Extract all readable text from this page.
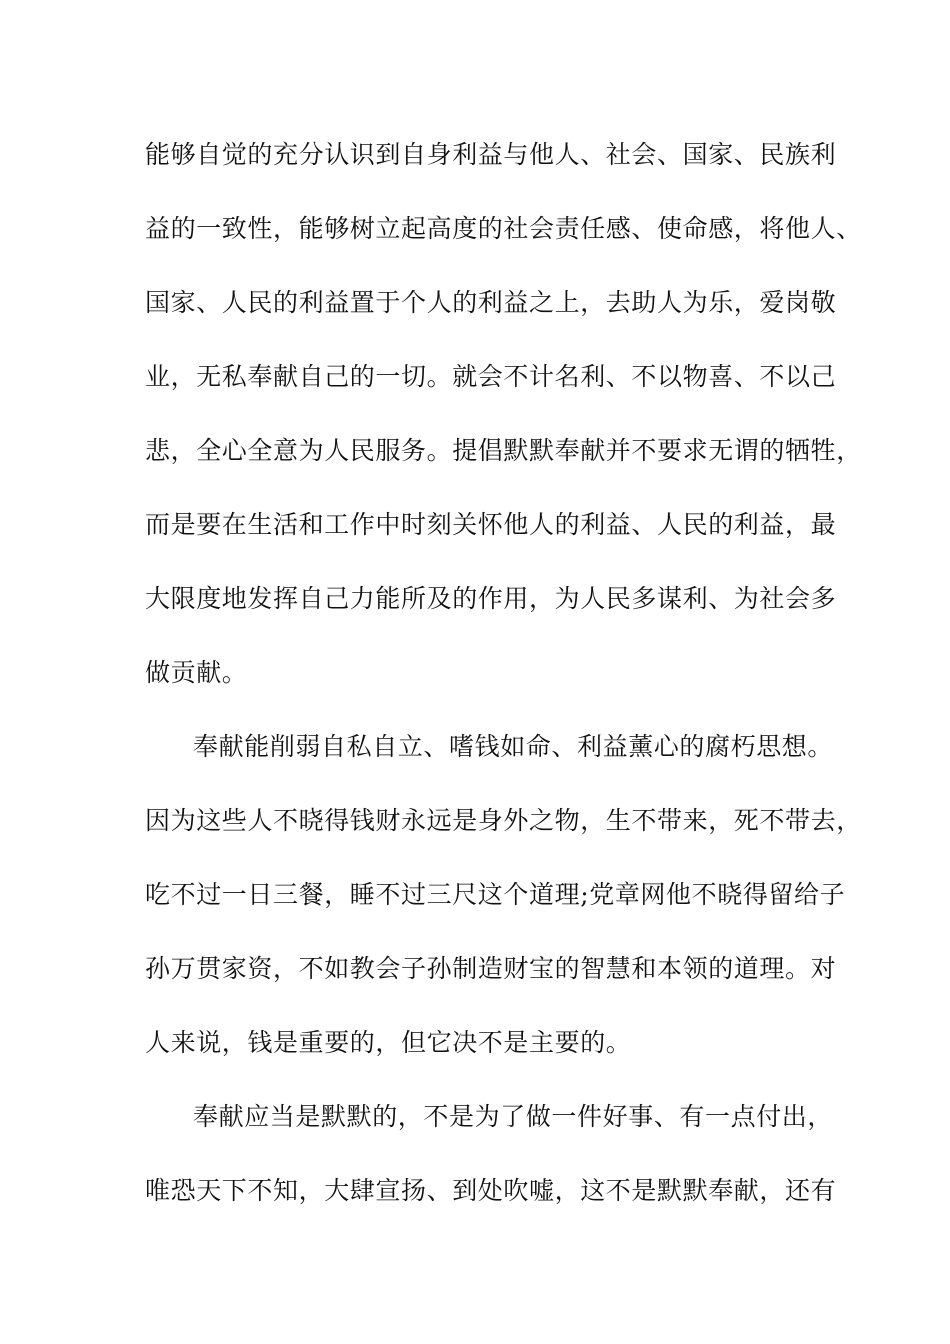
能够自觉的充分认识到自身利益与他人、社会、国家、民族利
益的一致性，能够树立起高度的社会责任感、使命感，将他人、
国家、人民的利益置于个人的利益之上，去助人为乐，爱岗敬
业，无私奉献自己的一切。就会不计名利、不以物喜、不以己
悲，全心全意为人民服务。提倡默默奉献并不要求无谓的牺牲，
而是要在生活和工作中时刻关怀他人的利益、人民的利益，最
大限度地发挥自己力能所及的作用，为人民多谋利、为社会多
做贡献。
奉献能削弱自私自立、嗜钱如命、利益薰心的腐朽思想。
因为这些人不晓得钱财永远是身外之物，生不带来，死不带去，
吃不过一日三餐，睡不过三尺这个道理;党章网他不晓得留给子
孙万贯家资，不如教会子孙制造财宝的智慧和本领的道理。对
人来说，钱是重要的，但它决不是主要的。
奉献应当是默默的，不是为了做一件好事、有一点付出，
唯恐天下不知，大肆宣扬、到处吹嘘，这不是默默奉献，还有
